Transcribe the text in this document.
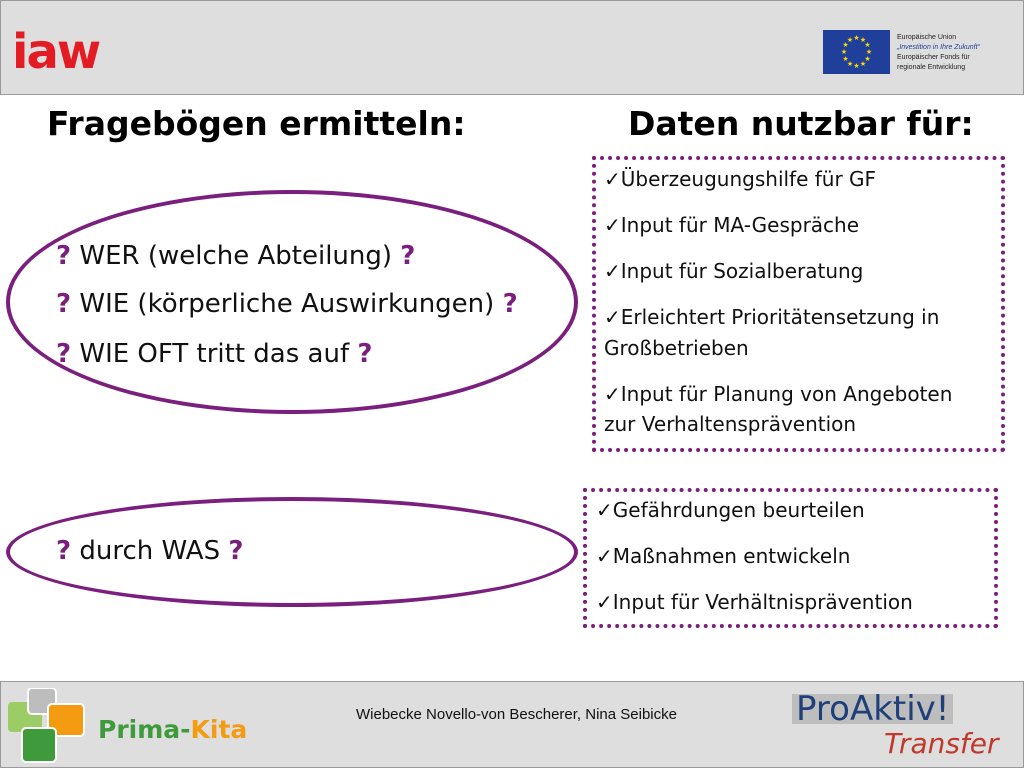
iaw	★ ★
★
★
★
★
★
★
★
★
★
★	Europäische Union
„Investition in Ihre Zukunft“
Europäischer Fonds für
regionale Entwicklung
Fragebögen ermitteln:	Daten nutzbar für:
? WER (welche Abteilung) ?
? WIE (körperliche Auswirkungen) ?
? WIE OFT tritt das auf ?
? durch WAS ?
✓Überzeugungshilfe für GF
✓Input für MA-Gespräche
✓Input für Sozialberatung
✓Erleichtert Prioritätensetzung in
Großbetrieben
✓Input für Planung von Angeboten
zur Verhaltensprävention
✓Gefährdungen beurteilen
✓Maßnahmen entwickeln
✓Input für Verhältnisprävention
Prima-Kita
Wiebecke Novello-von Bescherer, Nina Seibicke	ProAktiv!
Transfer
